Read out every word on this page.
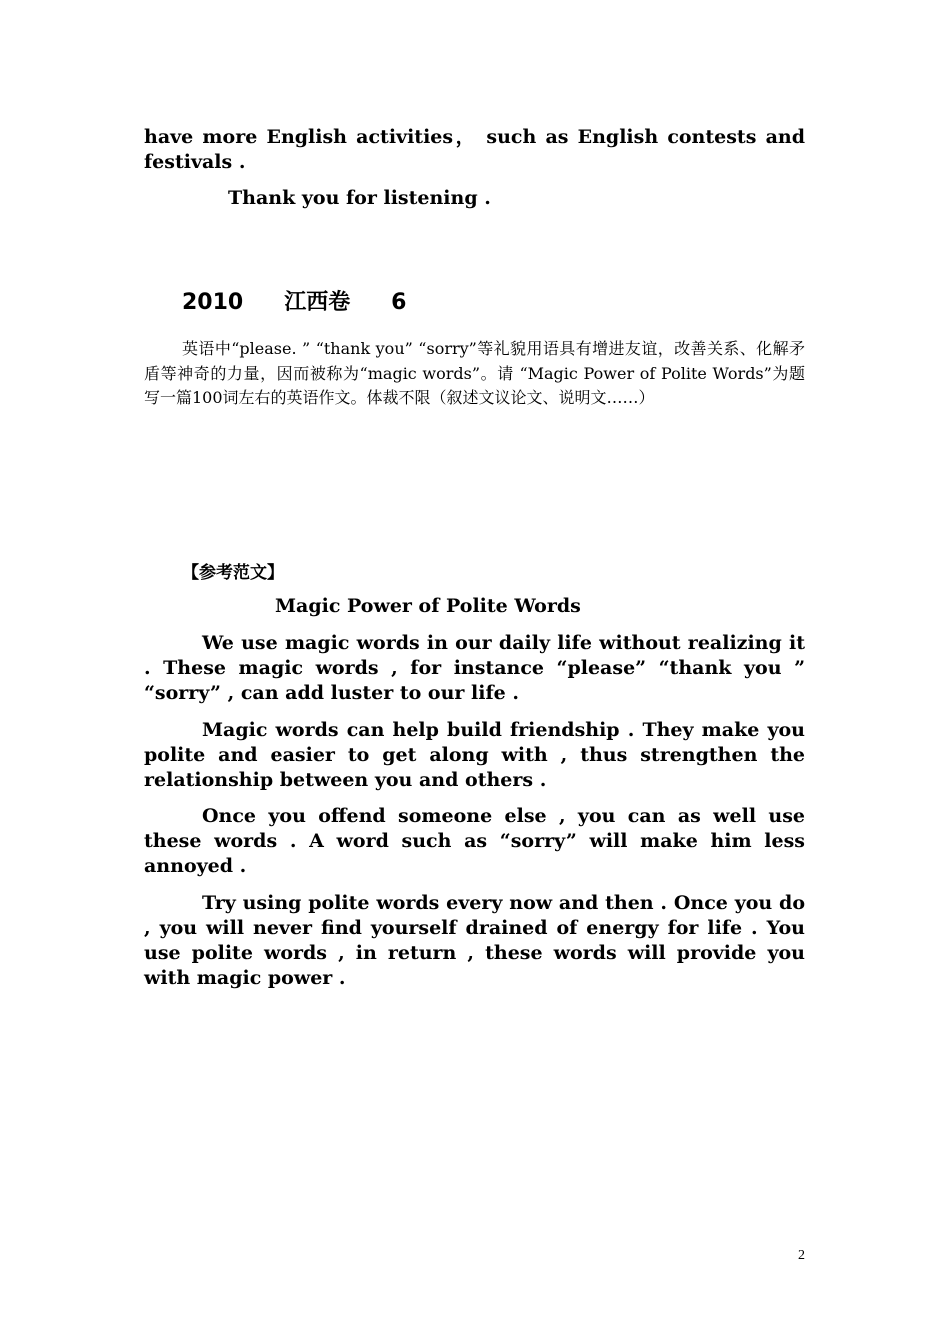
have more English activities， such as English contests and festivals .

Thank you for listening .

2010   江西卷   6

英语中“please. ” “thank you” “sorry”等礼貌用语具有增进友谊，改善关系、化解矛盾等神奇的力量，因而被称为“magic words”。请 “Magic Power of Polite Words”为题写一篇100词左右的英语作文。体裁不限（叙述文议论文、说明文……）

【参考范文】
Magic Power of Polite Words

We use magic words in our daily life without realizing it . These magic words , for instance “please” “thank you ” “sorry” , can add luster to our life .

Magic words can help build friendship . They make you polite and easier to get along with , thus strengthen the relationship between you and others .

Once you offend someone else , you can as well use these words . A word such as “sorry” will make him less annoyed .

Try using polite words every now and then . Once you do , you will never find yourself drained of energy for life . You use polite words , in return , these words will provide you with magic power .

2
